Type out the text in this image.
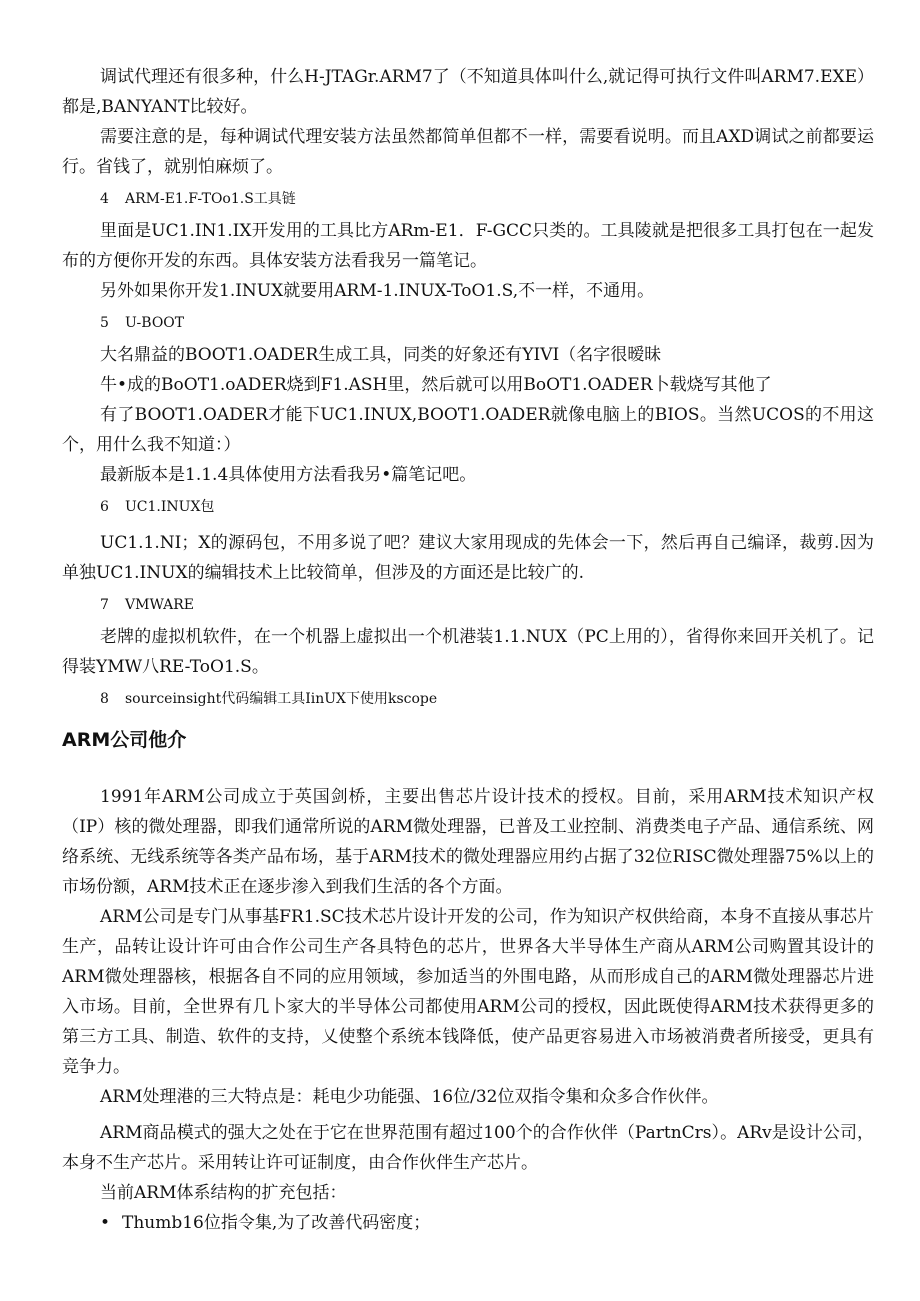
调试代理还有很多种，什么H-JTAGr.ARM7了（不知道具体叫什么,就记得可执行文件叫ARM7.EXE）都是,BANYANT比较好。

需要注意的是，每种调试代理安装方法虽然都简单但都不一样，需要看说明。而且AXD调试之前都要运行。省钱了，就别怕麻烦了。

4 ARM-E1.F-TOo1.S工具链

里面是UC1.IN1.IX开发用的工具比方ARm-E1．F-GCC只类的。工具陵就是把很多工具打包在一起发布的方便你开发的东西。具体安装方法看我另一篇笔记。

另外如果你开发1.INUX就要用ARM-1.INUX-ToO1.S,不一样，不通用。

5 U-BOOT

大名鼎益的BOOT1.OADER生成工具，同类的好象还有YIVI（名字很暧昧

牛•成的BoOT1.oADER烧到F1.ASH里，然后就可以用BoOT1.OADER卜载烧写其他了

有了BOOT1.OADER才能下UC1.INUX,BOOT1.OADER就像电脑上的BIOS。当然UCOS的不用这个，用什么我不知道：）

最新版本是1.1.4具体使用方法看我另•篇笔记吧。

6 UC1.INUX包

UC1.1.NI；X的源码包，不用多说了吧？建议大家用现成的先体会一下，然后再自己编译，裁剪.因为单独UC1.INUX的编辑技术上比较简单，但涉及的方面还是比较广的.

7 VMWARE

老牌的虚拟机软件，在一个机器上虚拟出一个机港装1.1.NUX（PC上用的），省得你来回开关机了。记得装YMW八RE-ToO1.S。

8 sourceinsight代码编辑工具IinUX下使用kscope
ARM公司他介

1991年ARM公司成立于英国剑桥，主要出售芯片设计技术的授权。目前，采用ARM技术知识产权（IP）核的微处理器，即我们通常所说的ARM微处理器，已普及工业控制、消费类电子产品、通信系统、网络系统、无线系统等各类产品布场，基于ARM技术的微处理器应用约占据了32位RISC微处理器75%以上的市场份额，ARM技术正在逐步渗入到我们生活的各个方面。

ARM公司是专门从事基FR1.SC技术芯片设计开发的公司，作为知识产权供给商，本身不直接从事芯片生产，品转让设计许可由合作公司生产各具特色的芯片，世界各大半导体生产商从ARM公司购置其设计的ARM微处理器核，根据各自不同的应用领域，参加适当的外围电路，从而形成自己的ARM微处理器芯片进入市场。目前，全世界有几卜家大的半导体公司都使用ARM公司的授权，因此既使得ARM技术获得更多的第三方工具、制造、软件的支持，乂使整个系统本钱降低，使产品更容易进入市场被消费者所接受，更具有竞争力。

ARM处理港的三大特点是：耗电少功能强、16位/32位双指令集和众多合作伙伴。

ARM商品模式的强大之处在于它在世界范围有超过100个的合作伙伴（PartnCrs）。ARv是设计公司，本身不生产芯片。采用转让许可证制度，由合作伙伴生产芯片。

当前ARM体系结构的扩充包括：

• Thumb16位指令集,为了改善代码密度；
